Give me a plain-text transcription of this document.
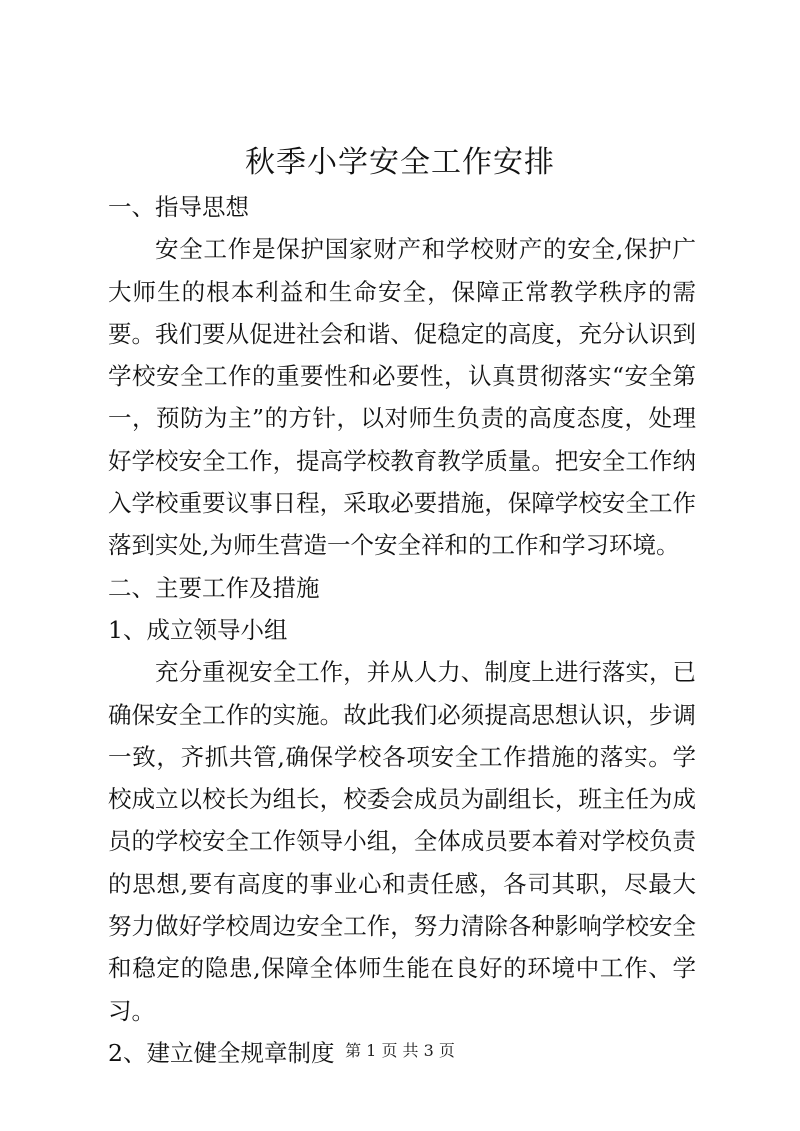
秋季小学安全工作安排

一、指导思想

安全工作是保护国家财产和学校财产的安全,保护广大师生的根本利益和生命安全，保障正常教学秩序的需要。我们要从促进社会和谐、促稳定的高度，充分认识到学校安全工作的重要性和必要性，认真贯彻落实“安全第一，预防为主”的方针，以对师生负责的高度态度，处理好学校安全工作，提高学校教育教学质量。把安全工作纳入学校重要议事日程，采取必要措施，保障学校安全工作落到实处,为师生营造一个安全祥和的工作和学习环境。

二、主要工作及措施

1、成立领导小组

充分重视安全工作，并从人力、制度上进行落实，已确保安全工作的实施。故此我们必须提高思想认识，步调一致，齐抓共管,确保学校各项安全工作措施的落实。学校成立以校长为组长，校委会成员为副组长，班主任为成员的学校安全工作领导小组，全体成员要本着对学校负责的思想,要有高度的事业心和责任感，各司其职，尽最大努力做好学校周边安全工作，努力清除各种影响学校安全和稳定的隐患,保障全体师生能在良好的环境中工作、学习。

2、建立健全规章制度 第 1 页 共 3 页
